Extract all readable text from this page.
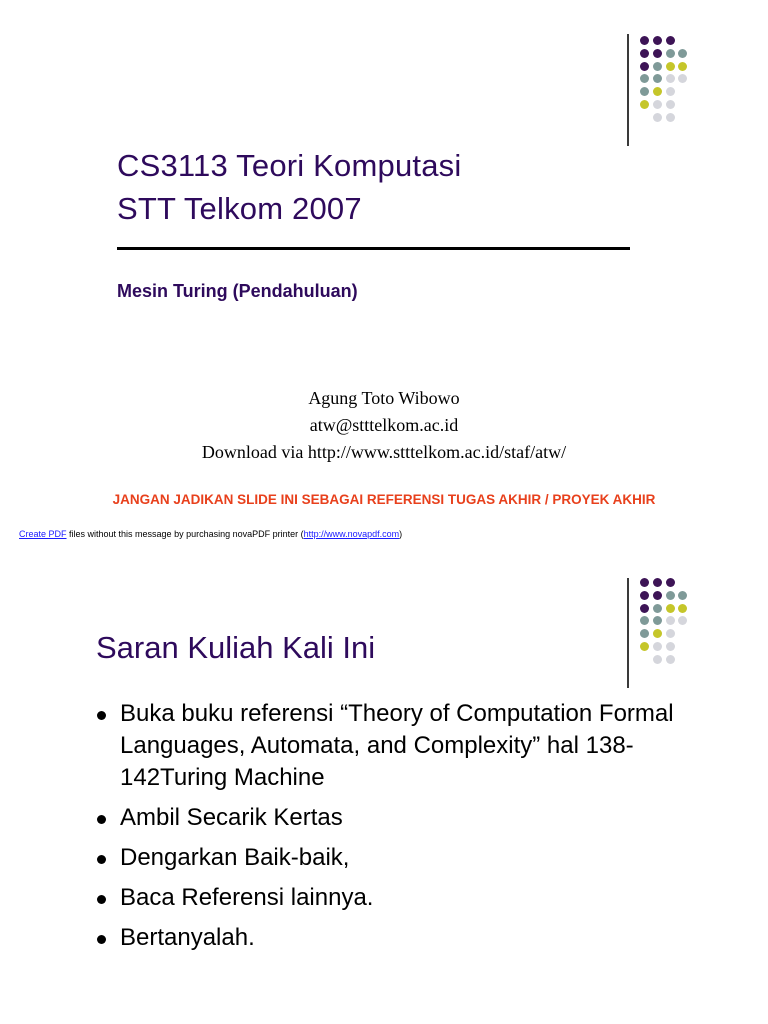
CS3113 Teori Komputasi
STT Telkom 2007
Mesin Turing (Pendahuluan)
Agung Toto Wibowo
atw@stttelkom.ac.id
Download via http://www.stttelkom.ac.id/staf/atw/
JANGAN JADIKAN SLIDE INI SEBAGAI REFERENSI TUGAS AKHIR / PROYEK AKHIR
Create PDF files without this message by purchasing novaPDF printer (http://www.novapdf.com)
Saran Kuliah Kali Ini
Buka buku referensi “Theory of Computation Formal Languages, Automata, and Complexity” hal 138-142Turing Machine
Ambil Secarik Kertas
Dengarkan Baik-baik,
Baca Referensi lainnya.
Bertanyalah.
